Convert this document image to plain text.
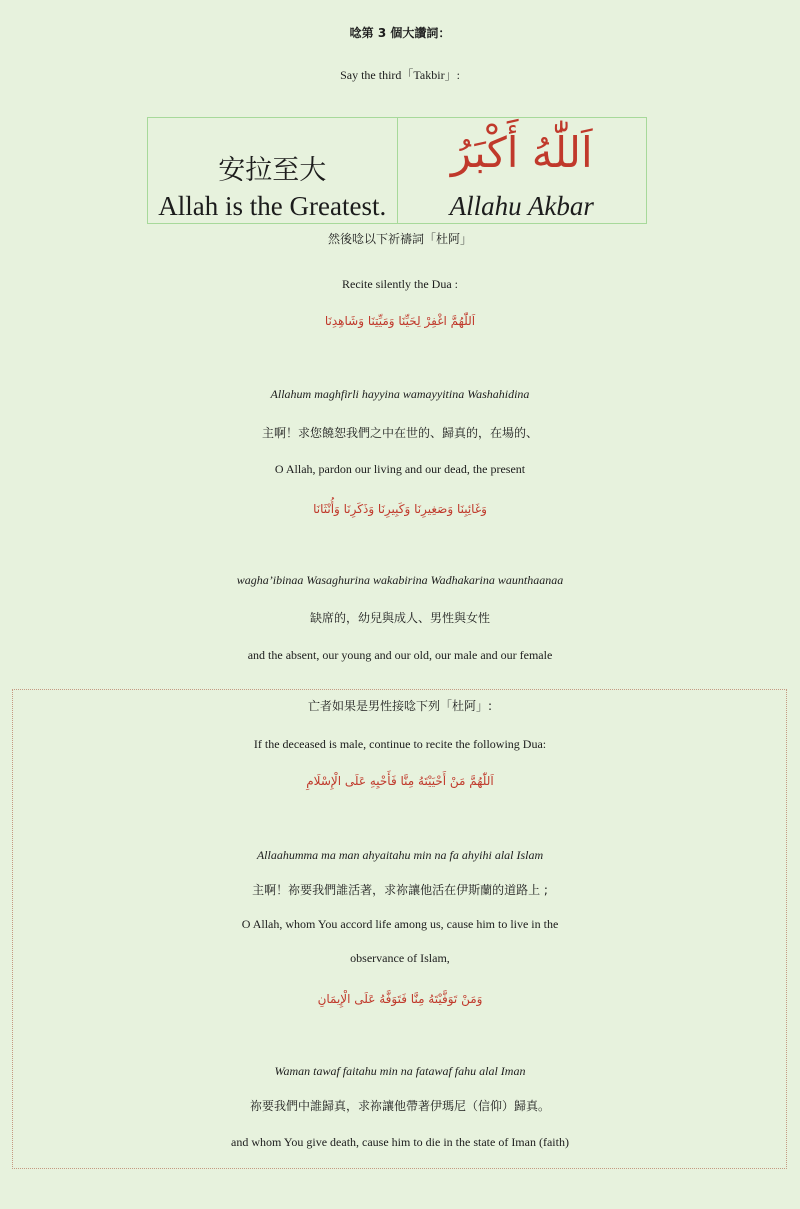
唸第 3 個大讚詞：
Say the third「Takbir」:
安拉至大
Allah is the Greatest.
اَللّٰهُ أَكْبَرُ
Allahu Akbar
然後唸以下祈禱詞「杜阿」
Recite silently the Dua :
اَللّٰهُمَّ اغْفِرْ لِحَيِّنَا وَمَيِّتِنَا وَشَاهِدِنَا
Allahum maghfirli hayyina wamayyitina Washahidina
主啊！求您饒恕我們之中在世的、歸真的，在場的、
O Allah, pardon our living and our dead, the present
وَغَائِبِنَا وَصَغِيرِنَا وَكَبِيرِنَا وَذَكَرِنَا وَأُنْثَانَا
wagha’ibinaa Wasaghurina wakabirina Wadhakarina waunthaanaa
缺席的，幼兒與成人、男性與女性
and the absent, our young and our old, our male and our female
亡者如果是男性接唸下列「杜阿」:
If the deceased is male, continue to recite the following Dua:
اَللّٰهُمَّ مَنْ أَحْيَيْتَهُ مِنَّا فَأَحْيِهِ عَلَى الْإِسْلَامِ
Allaahumma ma man ahyaitahu min na fa ahyihi alal Islam
主啊！祢要我們誰活著，求祢讓他活在伊斯蘭的道路上 ;
O Allah, whom You accord life among us, cause him to live in the
observance of Islam,
وَمَنْ تَوَفَّيْتَهُ مِنَّا فَتَوَفَّهُ عَلَى الْإِيمَانِ
Waman tawaf faitahu min na fatawaf fahu alal Iman
祢要我們中誰歸真，求祢讓他帶著伊瑪尼（信仰）歸真。
and whom You give death, cause him to die in the state of Iman (faith)
